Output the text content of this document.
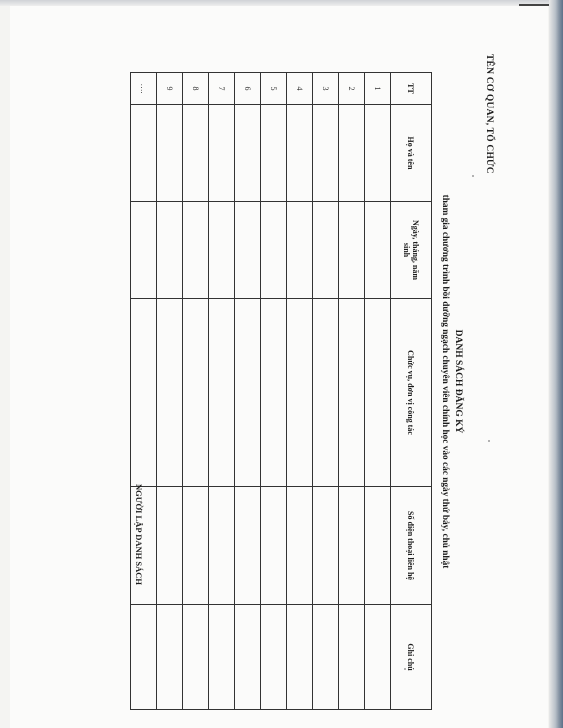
TÊN CƠ QUAN, TỔ CHỨC
DANH SÁCH ĐĂNG KÝ
tham gia chương trình bồi dưỡng ngạch chuyên viên chính học vào các ngày thứ bảy, chủ nhật
TT	Họ và tên	Ngày, tháng, năm sinh	Chức vụ, đơn vị công tác	Số điện thoại liên hệ	Ghi chú
1					
2					
3					
4					
5					
6					
7					
8					
9					
….					
NGƯỜI LẬP DANH SÁCH
